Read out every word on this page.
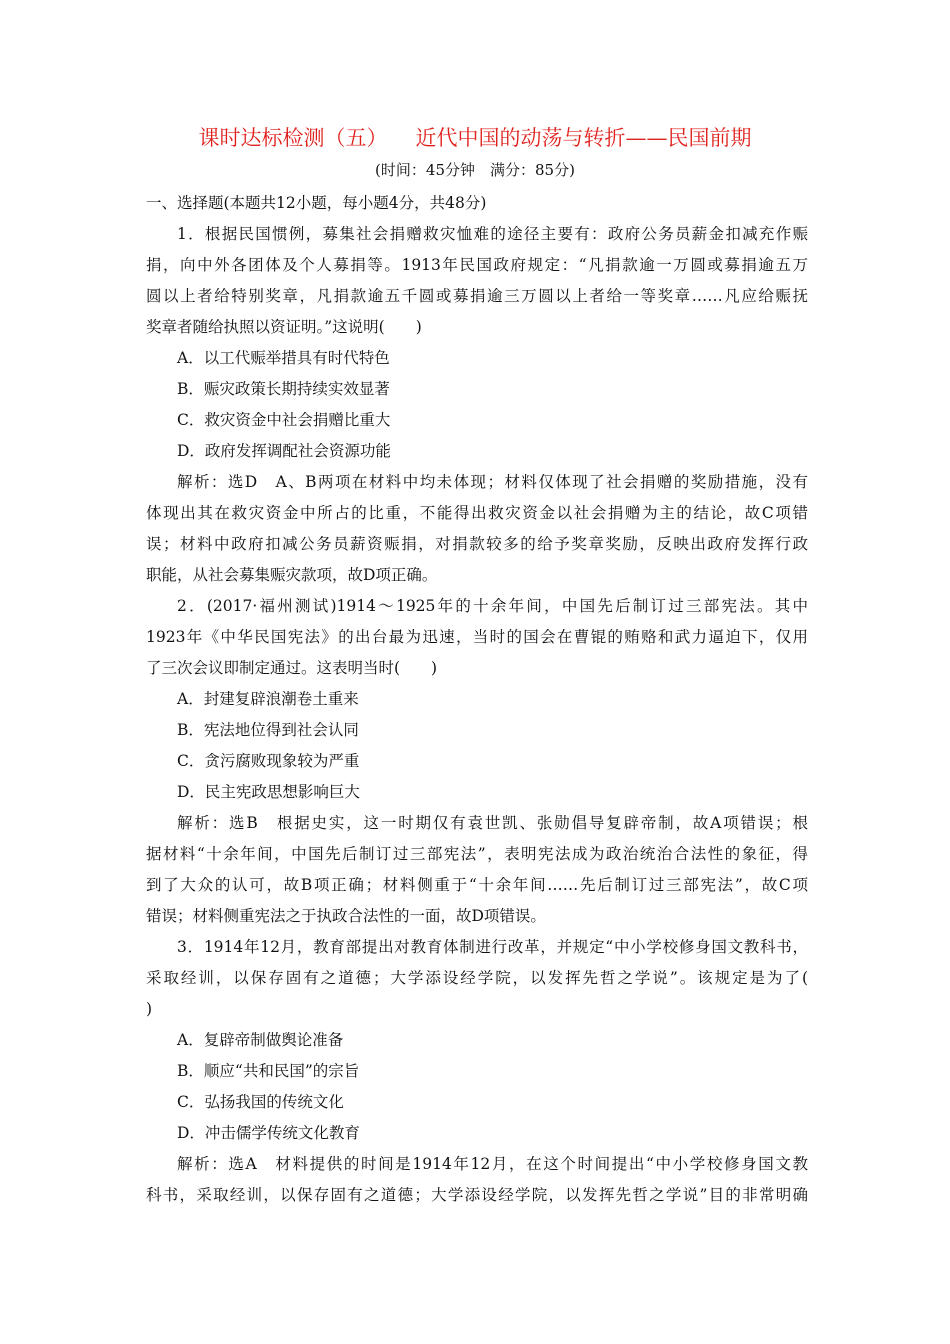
课时达标检测（五） 近代中国的动荡与转折——民国前期
(时间：45分钟　满分：85分)
一、选择题(本题共12小题，每小题4分，共48分)
1．根据民国惯例，募集社会捐赠救灾恤难的途径主要有：政府公务员薪金扣减充作赈
捐，向中外各团体及个人募捐等。1913年民国政府规定：“凡捐款逾一万圆或募捐逾五万
圆以上者给特别奖章，凡捐款逾五千圆或募捐逾三万圆以上者给一等奖章……凡应给赈抚
奖章者随给执照以资证明。”这说明(　　)
A．以工代赈举措具有时代特色
B．赈灾政策长期持续实效显著
C．救灾资金中社会捐赠比重大
D．政府发挥调配社会资源功能
解析：选D　A、B两项在材料中均未体现；材料仅体现了社会捐赠的奖励措施，没有
体现出其在救灾资金中所占的比重，不能得出救灾资金以社会捐赠为主的结论，故C项错
误；材料中政府扣减公务员薪资赈捐，对捐款较多的给予奖章奖励，反映出政府发挥行政
职能，从社会募集赈灾款项，故D项正确。
2．(2017·福州测试)1914～1925年的十余年间，中国先后制订过三部宪法。其中
1923年《中华民国宪法》的出台最为迅速，当时的国会在曹锟的贿赂和武力逼迫下，仅用
了三次会议即制定通过。这表明当时(　　)
A．封建复辟浪潮卷土重来
B．宪法地位得到社会认同
C．贪污腐败现象较为严重
D．民主宪政思想影响巨大
解析：选B　根据史实，这一时期仅有袁世凯、张勋倡导复辟帝制，故A项错误；根
据材料“十余年间，中国先后制订过三部宪法”，表明宪法成为政治统治合法性的象征，得
到了大众的认可，故B项正确；材料侧重于“十余年间……先后制订过三部宪法”，故C项
错误；材料侧重宪法之于执政合法性的一面，故D项错误。
3．1914年12月，教育部提出对教育体制进行改革，并规定“中小学校修身国文教科书，
采取经训，以保存固有之道德；大学添设经学院，以发挥先哲之学说”。该规定是为了(
)
A．复辟帝制做舆论准备
B．顺应“共和民国”的宗旨
C．弘扬我国的传统文化
D．冲击儒学传统文化教育
解析：选A　材料提供的时间是1914年12月，在这个时间提出“中小学校修身国文教
科书，采取经训，以保存固有之道德；大学添设经学院，以发挥先哲之学说”目的非常明确
